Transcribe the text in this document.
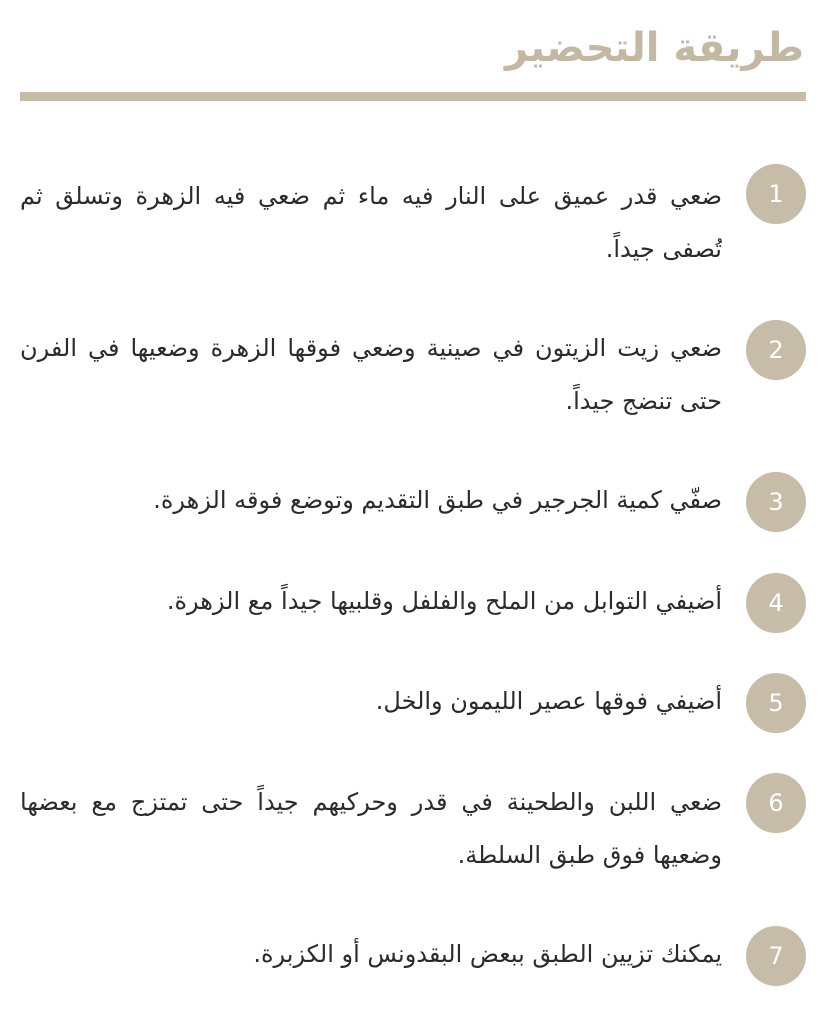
طريقة التحضير
1

ضعي قدر عميق على النار فيه ماء ثم ضعي فيه الزهرة وتسلق ثم تُصفى جيداً.

2

ضعي زيت الزيتون في صينية وضعي فوقها الزهرة وضعيها في الفرن حتى تنضج جيداً.

3

صفّي كمية الجرجير في طبق التقديم وتوضع فوقه الزهرة.

4

أضيفي التوابل من الملح والفلفل وقلبيها جيداً مع الزهرة.

5

أضيفي فوقها عصير الليمون والخل.

6

ضعي اللبن والطحينة في قدر وحركيهم جيداً حتى تمتزج مع بعضها وضعيها فوق طبق السلطة.

7

يمكنك تزيين الطبق ببعض البقدونس أو الكزبرة.
